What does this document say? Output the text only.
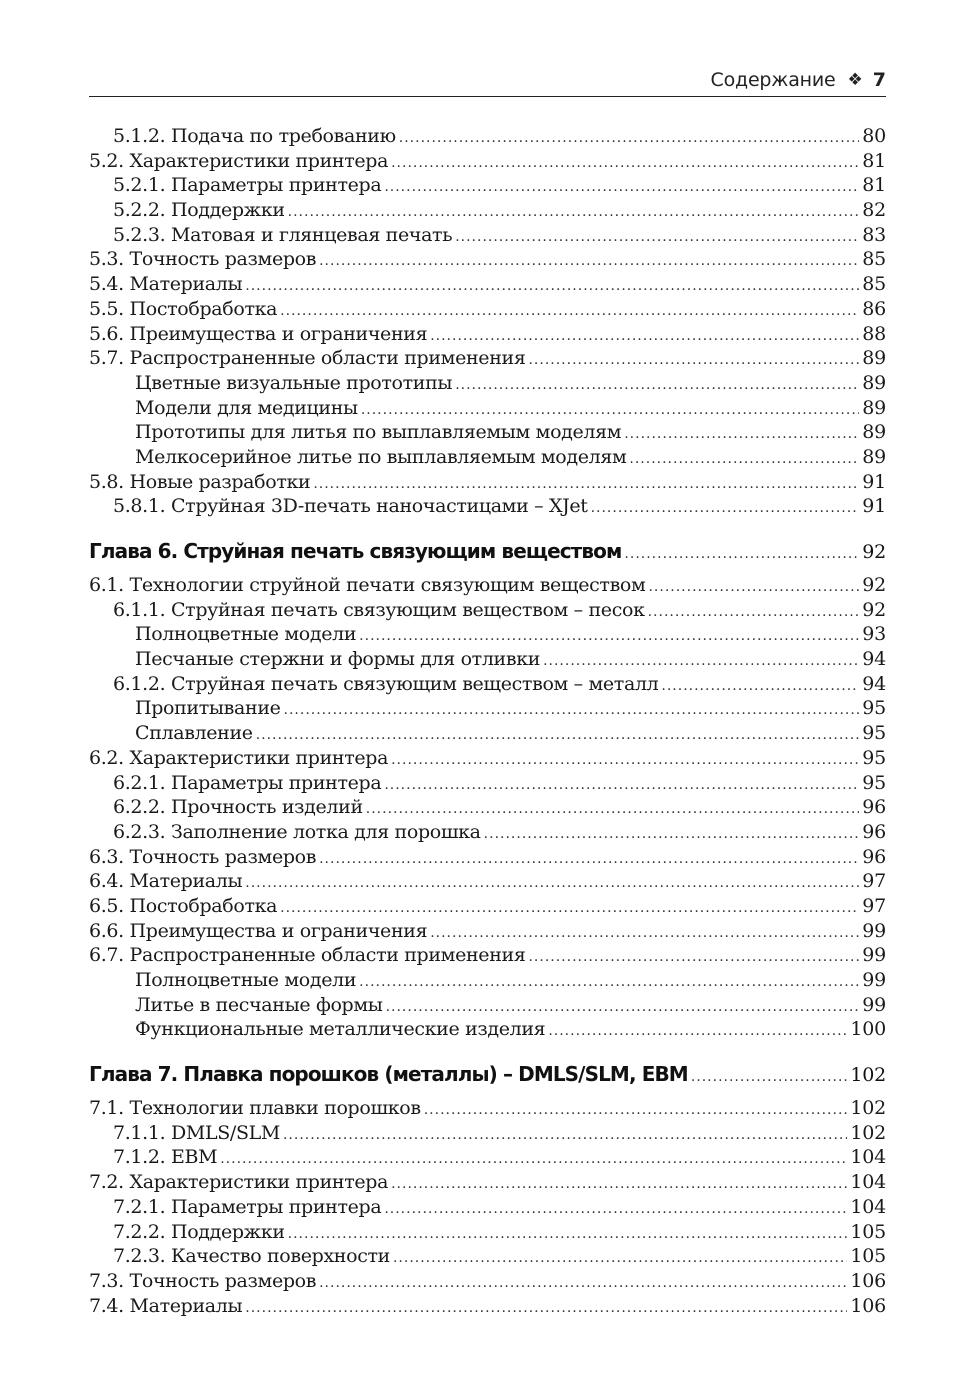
Содержание ❖ 7
5.1.2. Подача по требованию .....	80
5.2. Характеристики принтера .....	81
5.2.1. Параметры принтера .....	81
5.2.2. Поддержки .....	82
5.2.3. Матовая и глянцевая печать .....	83
5.3. Точность размеров .....	85
5.4. Материалы .....	85
5.5. Постобработка .....	86
5.6. Преимущества и ограничения .....	88
5.7. Распространенные области применения .....	89
Цветные визуальные прототипы .....	89
Модели для медицины .....	89
Прототипы для литья по выплавляемым моделям .....	89
Мелкосерийное литье по выплавляемым моделям .....	89
5.8. Новые разработки .....	91
5.8.1. Струйная 3D-печать наночастицами – XJet .....	91
Глава 6. Струйная печать связующим веществом .....	92
6.1. Технологии струйной печати связующим веществом .....	92
6.1.1. Струйная печать связующим веществом – песок .....	92
Полноцветные модели .....	93
Песчаные стержни и формы для отливки .....	94
6.1.2. Струйная печать связующим веществом – металл .....	94
Пропитывание .....	95
Сплавление .....	95
6.2. Характеристики принтера .....	95
6.2.1. Параметры принтера .....	95
6.2.2. Прочность изделий .....	96
6.2.3. Заполнение лотка для порошка .....	96
6.3. Точность размеров .....	96
6.4. Материалы .....	97
6.5. Постобработка .....	97
6.6. Преимущества и ограничения .....	99
6.7. Распространенные области применения .....	99
Полноцветные модели .....	99
Литье в песчаные формы .....	99
Функциональные металлические изделия .....	100
Глава 7. Плавка порошков (металлы) – DMLS/SLM, EBM .....	102
7.1. Технологии плавки порошков .....	102
7.1.1. DMLS/SLM .....	102
7.1.2. EBM .....	104
7.2. Характеристики принтера .....	104
7.2.1. Параметры принтера .....	104
7.2.2. Поддержки .....	105
7.2.3. Качество поверхности .....	105
7.3. Точность размеров .....	106
7.4. Материалы .....	106
